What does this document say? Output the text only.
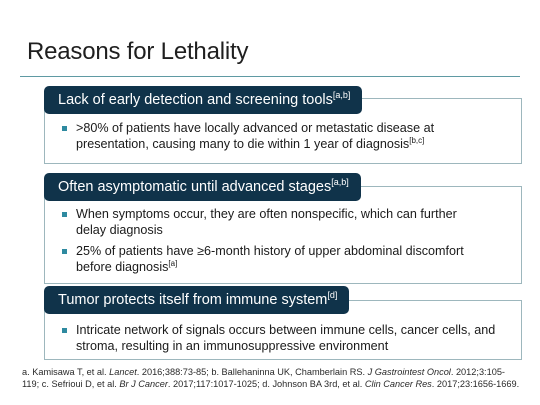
Reasons for Lethality
Lack of early detection and screening tools[a,b]
>80% of patients have locally advanced or metastatic disease at presentation, causing many to die within 1 year of diagnosis[b,c]
Often asymptomatic until advanced stages[a,b]
When symptoms occur, they are often nonspecific, which can further delay diagnosis
25% of patients have ≥6-month history of upper abdominal discomfort before diagnosis[a]
Tumor protects itself from immune system[d]
Intricate network of signals occurs between immune cells, cancer cells, and stroma, resulting in an immunosuppressive environment
a. Kamisawa T, et al. Lancet. 2016;388:73-85; b. Ballehaninna UK, Chamberlain RS. J Gastrointest Oncol. 2012;3:105-119; c. Sefrioui D, et al. Br J Cancer. 2017;117:1017-1025; d. Johnson BA 3rd, et al. Clin Cancer Res. 2017;23:1656-1669.
